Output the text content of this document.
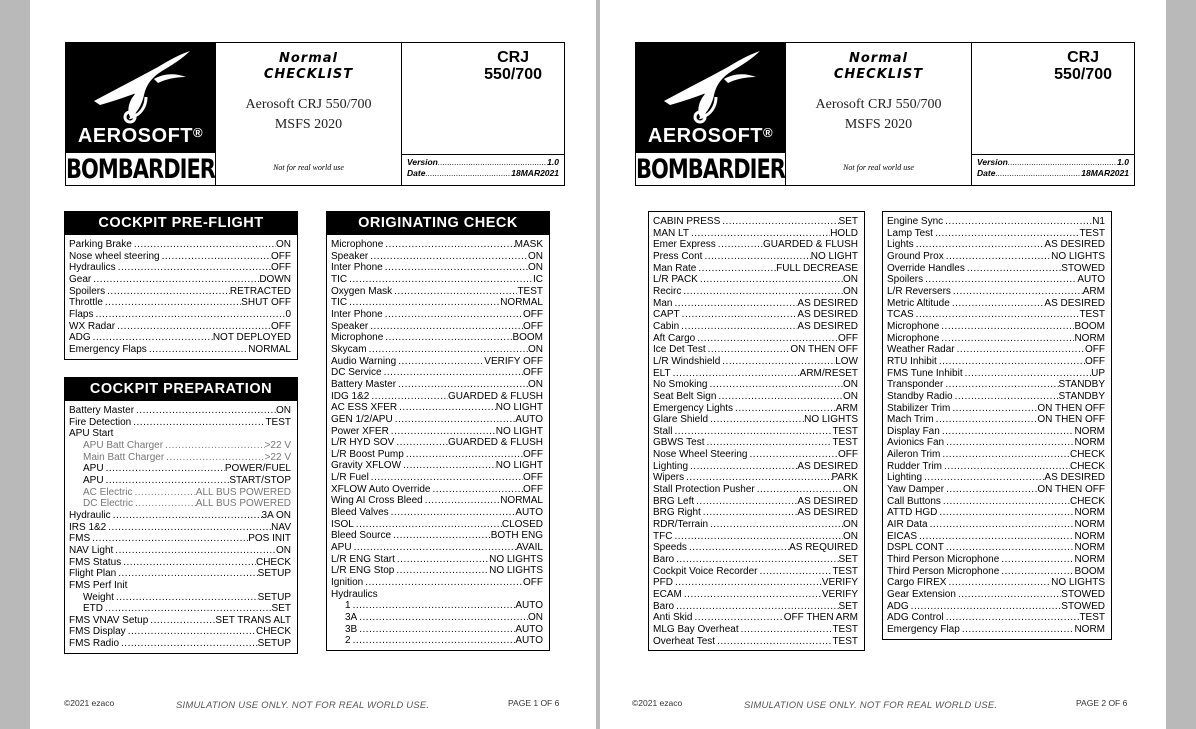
AEROSOFT®
BOMBARDIER
Normal
CHECKLIST
Aerosoft CRJ 550/700
MSFS 2020
Not for real world use
CRJ
550/700
Version .....	1.0
Date .....	18MAR2021
COCKPIT PRE-FLIGHT
Parking Brake .....	ON
Nose wheel steering .....	OFF
Hydraulics .....	OFF
Gear .....	DOWN
Spoilers .....	RETRACTED
Throttle .....	SHUT OFF
Flaps .....	0
WX Radar .....	OFF
ADG .....	NOT DEPLOYED
Emergency Flaps .....	NORMAL
COCKPIT PREPARATION
Battery Master .....	ON
Fire Detection .....	TEST
APU Start
APU Batt Charger .....	>22 V
Main Batt Charger .....	>22 V
APU .....	POWER/FUEL
APU .....	START/STOP
AC Electric .....	ALL BUS POWERED
DC Electric .....	ALL BUS POWERED
Hydraulic .....	3A ON
IRS 1&2 .....	NAV
FMS .....	POS INIT
NAV Light .....	ON
FMS Status .....	CHECK
Flight Plan .....	SETUP
FMS Perf Init
Weight .....	SETUP
ETD .....	SET
FMS VNAV Setup .....	SET TRANS ALT
FMS Display .....	CHECK
FMS Radio .....	SETUP
ORIGINATING CHECK
Microphone .....	MASK
Speaker .....	ON
Inter Phone .....	ON
TIC .....	IC
Oxygen Mask .....	TEST
TIC .....	NORMAL
Inter Phone .....	OFF
Speaker .....	OFF
Microphone .....	BOOM
Skycam .....	ON
Audio Warning .....	VERIFY OFF
DC Service .....	OFF
Battery Master .....	ON
IDG 1&2 .....	GUARDED & FLUSH
AC ESS XFER .....	NO LIGHT
GEN 1/2/APU .....	AUTO
Power XFER .....	NO LIGHT
L/R HYD SOV .....	GUARDED & FLUSH
L/R Boost Pump .....	OFF
Gravity XFLOW .....	NO LIGHT
L/R Fuel .....	OFF
XFLOW Auto Override .....	OFF
Wing AI Cross Bleed .....	NORMAL
Bleed Valves .....	AUTO
ISOL .....	CLOSED
Bleed Source .....	BOTH ENG
APU .....	AVAIL
L/R ENG Start .....	NO LIGHTS
L/R ENG Stop .....	NO LIGHTS
Ignition .....	OFF
Hydraulics
1 .....	AUTO
3A .....	ON
3B .....	AUTO
2 .....	AUTO
©2021 ezaco	SIMULATION USE ONLY. NOT FOR REAL WORLD USE.	PAGE 1 OF 6
AEROSOFT®
BOMBARDIER
Normal
CHECKLIST
Aerosoft CRJ 550/700
MSFS 2020
Not for real world use
CRJ
550/700
Version .....	1.0
Date .....	18MAR2021
CABIN PRESS .....	SET
MAN LT .....	HOLD
Emer Express .....	GUARDED & FLUSH
Press Cont .....	NO LIGHT
Man Rate .....	FULL DECREASE
L/R PACK .....	ON
Recirc .....	ON
Man .....	AS DESIRED
CAPT .....	AS DESIRED
Cabin .....	AS DESIRED
Aft Cargo .....	OFF
Ice Det Test .....	ON THEN OFF
L/R Windshield .....	LOW
ELT .....	ARM/RESET
No Smoking .....	ON
Seat Belt Sign .....	ON
Emergency Lights .....	ARM
Glare Shield .....	NO LIGHTS
Stall .....	TEST
GBWS Test .....	TEST
Nose Wheel Steering .....	OFF
Lighting .....	AS DESIRED
Wipers .....	PARK
Stall Protection Pusher .....	ON
BRG Left .....	AS DESIRED
BRG Right .....	AS DESIRED
RDR/Terrain .....	ON
TFC .....	ON
Speeds .....	AS REQUIRED
Baro .....	SET
Cockpit Voice Recorder .....	TEST
PFD .....	VERIFY
ECAM .....	VERIFY
Baro .....	SET
Anti Skid .....	OFF THEN ARM
MLG Bay Overheat .....	TEST
Overheat Test .....	TEST
Engine Sync .....	N1
Lamp Test .....	TEST
Lights .....	AS DESIRED
Ground Prox .....	NO LIGHTS
Override Handles .....	STOWED
Spoilers .....	AUTO
L/R Reversers .....	ARM
Metric Altitude .....	AS DESIRED
TCAS .....	TEST
Microphone .....	BOOM
Microphone .....	NORM
Weather Radar .....	OFF
RTU Inhibit .....	OFF
FMS Tune Inhibit .....	UP
Transponder .....	STANDBY
Standby Radio .....	STANDBY
Stabilizer Trim .....	ON THEN OFF
Mach Trim .....	ON THEN OFF
Display Fan .....	NORM
Avionics Fan .....	NORM
Aileron Trim .....	CHECK
Rudder Trim .....	CHECK
Lighting .....	AS DESIRED
Yaw Damper .....	ON THEN OFF
Call Buttons .....	CHECK
ATTD HGD .....	NORM
AIR Data .....	NORM
EICAS .....	NORM
DSPL CONT .....	NORM
Third Person Microphone .....	NORM
Third Person Microphone .....	BOOM
Cargo FIREX .....	NO LIGHTS
Gear Extension .....	STOWED
ADG .....	STOWED
ADG Control .....	TEST
Emergency Flap .....	NORM
©2021 ezaco	SIMULATION USE ONLY. NOT FOR REAL WORLD USE.	PAGE 2 OF 6
